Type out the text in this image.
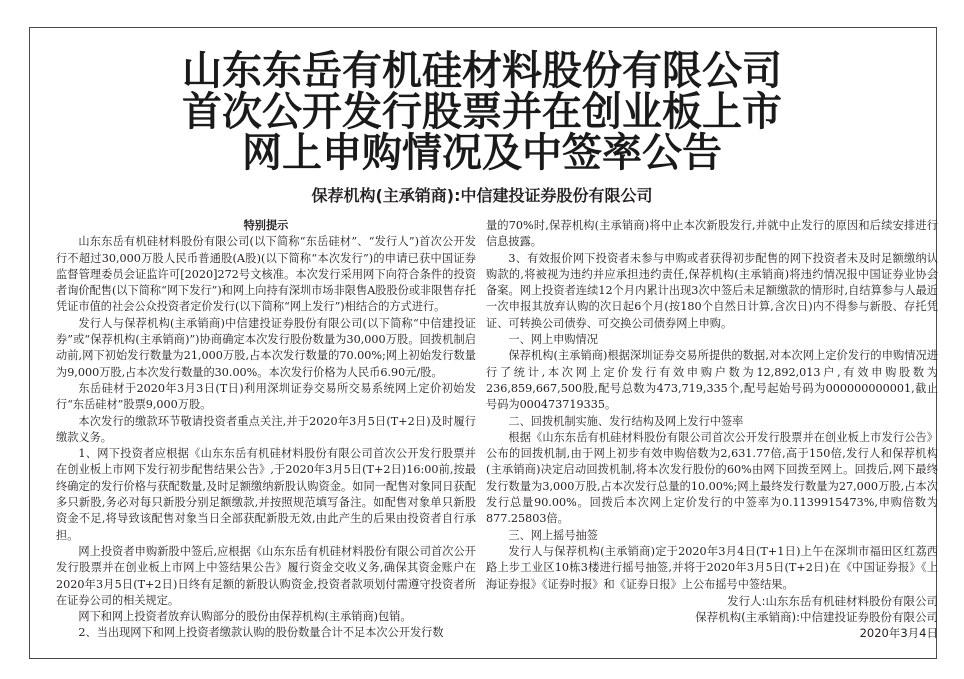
山东东岳有机硅材料股份有限公司
首次公开发行股票并在创业板上市
网上申购情况及中签率公告
保荐机构(主承销商):中信建投证券股份有限公司

特别提示

山东东岳有机硅材料股份有限公司(以下简称“东岳硅材”、“发行人”)首次公开发行不超过30,000万股人民币普通股(A股)(以下简称“本次发行”)的申请已获中国证券监督管理委员会证监许可[2020]272号文核准。本次发行采用网下向符合条件的投资者询价配售(以下简称“网下发行”)和网上向持有深圳市场非限售A股股份或非限售存托凭证市值的社会公众投资者定价发行(以下简称“网上发行”)相结合的方式进行。

发行人与保荐机构(主承销商)中信建投证券股份有限公司(以下简称“中信建投证券”或“保荐机构(主承销商)”)协商确定本次发行股份数量为30,000万股。回拨机制启动前,网下初始发行数量为21,000万股,占本次发行数量的70.00%;网上初始发行数量为9,000万股,占本次发行数量的30.00%。本次发行价格为人民币6.90元/股。

东岳硅材于2020年3月3日(T日)利用深圳证券交易所交易系统网上定价初始发行“东岳硅材”股票9,000万股。

本次发行的缴款环节敬请投资者重点关注,并于2020年3月5日(T+2日)及时履行缴款义务。

1、网下投资者应根据《山东东岳有机硅材料股份有限公司首次公开发行股票并在创业板上市网下发行初步配售结果公告》,于2020年3月5日(T+2日)16:00前,按最终确定的发行价格与获配数量,及时足额缴纳新股认购资金。如同一配售对象同日获配多只新股,务必对每只新股分别足额缴款,并按照规范填写备注。如配售对象单只新股资金不足,将导致该配售对象当日全部获配新股无效,由此产生的后果由投资者自行承担。

网上投资者申购新股中签后,应根据《山东东岳有机硅材料股份有限公司首次公开发行股票并在创业板上市网上中签结果公告》履行资金交收义务,确保其资金账户在2020年3月5日(T+2日)日终有足额的新股认购资金,投资者款项划付需遵守投资者所在证券公司的相关规定。

网下和网上投资者放弃认购部分的股份由保荐机构(主承销商)包销。

2、当出现网下和网上投资者缴款认购的股份数量合计不足本次公开发行数

量的70%时,保荐机构(主承销商)将中止本次新股发行,并就中止发行的原因和后续安排进行信息披露。

3、有效报价网下投资者未参与申购或者获得初步配售的网下投资者未及时足额缴纳认购款的,将被视为违约并应承担违约责任,保荐机构(主承销商)将违约情况报中国证券业协会备案。网上投资者连续12个月内累计出现3次中签后未足额缴款的情形时,自结算参与人最近一次申报其放弃认购的次日起6个月(按180个自然日计算,含次日)内不得参与新股、存托凭证、可转换公司债券、可交换公司债券网上申购。

一、网上申购情况

保荐机构(主承销商)根据深圳证券交易所提供的数据,对本次网上定价发行的申购情况进行了统计,本次网上定价发行有效申购户数为12,892,013户,有效申购股数为236,859,667,500股,配号总数为473,719,335个,配号起始号码为000000000001,截止号码为000473719335。

二、回拨机制实施、发行结构及网上发行中签率

根据《山东东岳有机硅材料股份有限公司首次公开发行股票并在创业板上市发行公告》公布的回拨机制,由于网上初步有效申购倍数为2,631.77倍,高于150倍,发行人和保荐机构(主承销商)决定启动回拨机制,将本次发行股份的60%由网下回拨至网上。回拨后,网下最终发行数量为3,000万股,占本次发行总量的10.00%;网上最终发行数量为27,000万股,占本次发行总量90.00%。回拨后本次网上定价发行的中签率为0.1139915473%,申购倍数为877.25803倍。

三、网上摇号抽签

发行人与保荐机构(主承销商)定于2020年3月4日(T+1日)上午在深圳市福田区红荔西路上步工业区10栋3楼进行摇号抽签,并将于2020年3月5日(T+2日)在《中国证券报》《上海证券报》《证券时报》和《证券日报》上公布摇号中签结果。

发行人:山东东岳有机硅材料股份有限公司

保荐机构(主承销商):中信建投证券股份有限公司

2020年3月4日
